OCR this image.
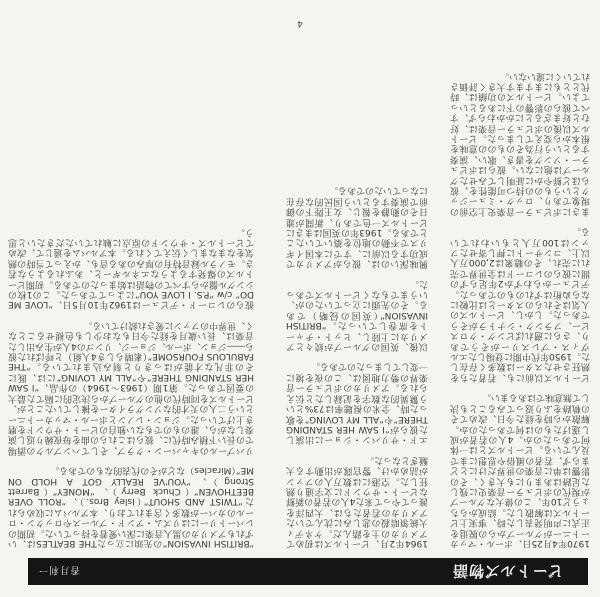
ビートルズ物語
香月利一

1970年4月25日、ポール・マッカートニーがグループからの脱退を正式に声明発表した時、事実上ビートルズは解散した。結成からちょうど10年、この偉大なグループが現代のポピュラー音楽史に残した足跡はあまりにも大きく、その影響は単に音楽の世界だけにとどまらず、若者の風俗や思想にまで及んでいる。ビートルズとは一体何であったのか。4人の若者が成し遂げたものは何であったのか。解散から時を経た今日、改めてその軌跡をふり返ってみることも決して無意味ではあるまい。

ビートルズ以前にも、若者たちを熱狂させたスターは数多く存在した。1950年代中期に登場したエルヴィス・プレスリーがそうであり、さらに遡ればビング・クロスビー、フランク・シナトラがそうであった。しかし、ビートルズの人気はそれらのスターとは比較にならぬ桁はずれのものであった。デビューからわずか2年足らずの間に彼らのレコードは全世界で売れに売れ、その聴衆は2,000万人以上、コンサートに押し寄せたファンは100万人ともいわれている。

まさにポピュラー音楽史上空前の現象であり、ロック・ミュージックというものの持つ可能性を、彼らほど鮮やかに証明してみせたグループは他にない。彼らはポピュラー・ソングを書き、歌い、演奏するという行為そのものの意味を根本から変えてしまった。ビートルズ以後のポピュラー音楽は、好むと好まざるとにかかわらず、すべて彼らの影響の下にあるといってよい。ビートルズの功績は、時代とともにますます大きく評価されていくに違いない。

1964年2月、ビートルズは初めてアメリカの土を踏んだ。ケネディ大統領暗殺の悲しみに沈んでいたアメリカの若者たちは、大西洋を渡ってやって来た4人の若者の新鮮なビート・サウンドに文字通り熱狂した。空港には数万人のファンが詰めかけ、警官隊が出動する大騒ぎとなった。

エド・サリバン・ショーに出演した彼らが“I SAW HER STANDING THERE”や“ALL MY LOVING”を歌った時、全米の視聴率は73%という驚異的な数字を記録したと伝えられる。アメリカのポピュラー音楽界の勢力地図は、この夜を境に一変してしまったのである。

以後、英国のグループが続々とアメリカに上陸し、ヒット・チャートを席巻していった。“BRITISH INVASION”（英国の侵略）である。その先頭に立っていたのが、いうまでもなくビートルズであった。

興味深いのは、彼らがアメリカで成功する以前に、すでに本国イギリスで不動の地位を築いていたことである。1963年の英国はまさにビートルズ一色であり、新聞が連日その動静を報じ、女王陛下の御前で演奏するという国民的な存在になっていたのである。

“BRITISH INVASION”の先頭に立ったTHE BEATLESは、いずれもアメリカの黒人音楽に深い愛着を持っていた。初期のレパートリーにはリズム・アンド・ブルースやロックン・ロールのカバーが数多く含まれており、本アルバムに収められた“TWIST AND SHOUT”（Isley Bros.）、“ROLL OVER BEETHOVEN”（Chuck Berry）、“MONEY”（Barrett Strong）、“YOU'VE REALLY GOT A HOLD ON ME”（Miracles）などがその代表的なものである。

リバプールのキャバーン・クラブ、そしてハンブルクの酒場での長い下積み時代に、彼らはこれらの曲を毎夜繰り返し演奏しながら、誰のものでもない独自のビート・サウンドを磨き上げていった。ジョン・レノンとポール・マッカートニーという二人の天才的なソングライターを擁していたことが、ビートルズを同時代の他のグループから決定的に隔てた最大の要因であった。第1期（1963〜1964）の作品、“I SAW HER STANDING THERE”や“ALL MY LOVING”には、既にその非凡な才能がはっきりと刻み込まれている。“THE FABULOUS FOURSOME”（素晴らしき4人組）と呼ばれた彼ら――ジョン、ポール、ジョージ、リンゴの4人が生み出した音楽は、長い歳月を経た今日もなお少しも色褪せることなく、世界中のファンに愛され続けている。

彼らのレコード・デビューは1962年10月5日、“LOVE ME DO” c/w “P.S. I LOVE YOU”によってであった。この1枚のシングル盤からすべての物語は始まったのである。初期ビートルズの爆発するようなエネルギーと、あふれるような若さ。モノラル録音特有の厚みのある音も、かえって当時の熱気をなまなましく伝えてくれる。本アルバムを通じて、改めてビートルズ・サウンドの原点に触れていただきたいと思う。

4
